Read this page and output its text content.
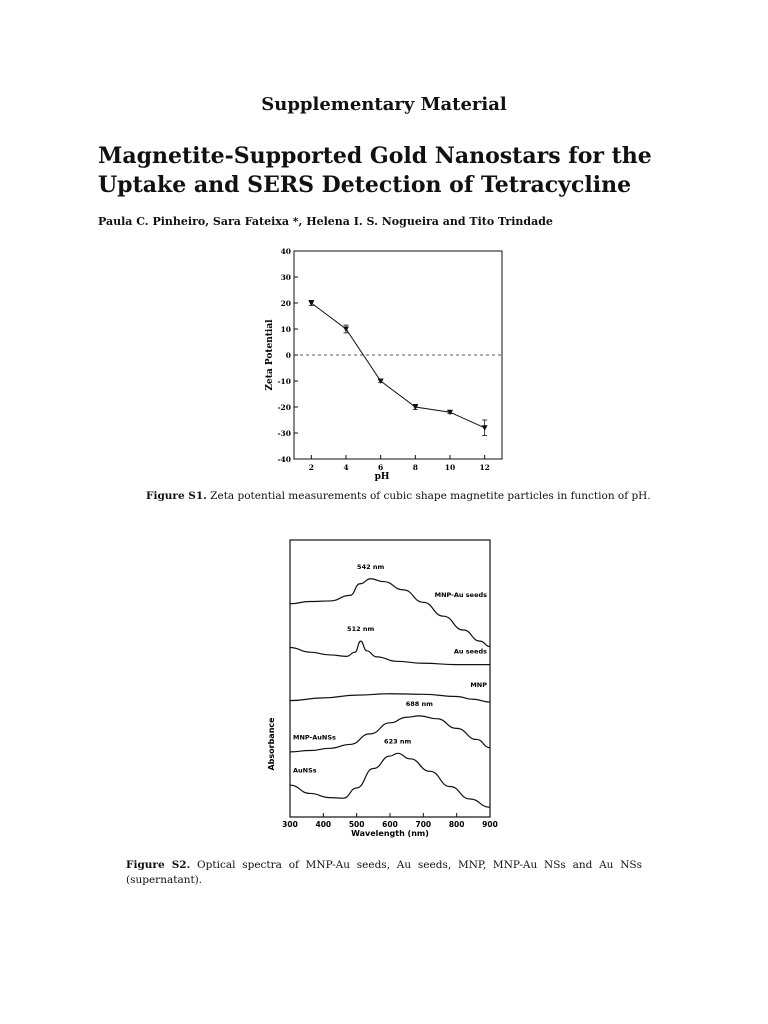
Supplementary Material
Magnetite-Supported Gold Nanostars for the Uptake and SERS Detection of Tetracycline
Paula C. Pinheiro, Sara Fateixa *, Helena I. S. Nogueira and Tito Trindade
-40
-30
-20
-10
0
10
20
30
40
2	4	6	8	10	12
pH
Zeta Potential
Figure S1. Zeta potential measurements of cubic shape magnetite particles in function of pH.
300 400 500 600 700 800 900
MNP-Au seeds
542 nm
Au seeds
512 nm
MNP
MNP-AuNSs
688 nm
AuNSs
623 nm
Wavelength (nm)
Absorbance
Figure S2. Optical spectra of MNP-Au seeds, Au seeds, MNP, MNP-Au NSs and Au NSs (supernatant).
